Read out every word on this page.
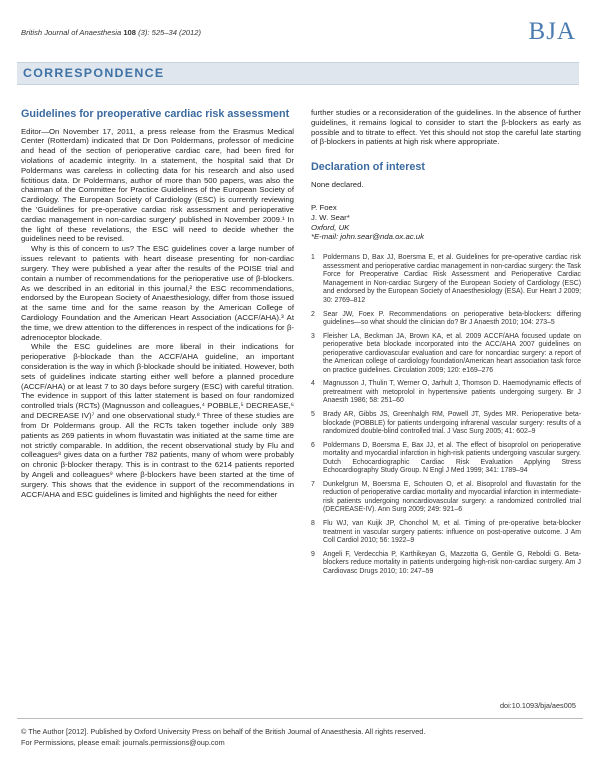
British Journal of Anaesthesia 108 (3): 525–34 (2012)	BJA
CORRESPONDENCE
Guidelines for preoperative cardiac risk assessment

Editor—On November 17, 2011, a press release from the Erasmus Medical Center (Rotterdam) indicated that Dr Don Poldermans, professor of medicine and head of the section of perioperative cardiac care, had been fired for violations of academic integrity. In a statement, the hospital said that Dr Poldermans was careless in collecting data for his research and also used fictitious data. Dr Poldermans, author of more than 500 papers, was also the chairman of the Committee for Practice Guidelines of the European Society of Cardiology. The European Society of Cardiology (ESC) is currently reviewing the 'Guidelines for pre-operative cardiac risk assessment and perioperative cardiac management in non-cardiac surgery' published in November 2009.¹ In the light of these revelations, the ESC will need to decide whether the guidelines need to be revised.

Why is this of concern to us? The ESC guidelines cover a large number of issues relevant to patients with heart disease presenting for non-cardiac surgery. They were published a year after the results of the POISE trial and contain a number of recommendations for the perioperative use of β-blockers. As we described in an editorial in this journal,² the ESC recommendations, endorsed by the European Society of Anaesthesiology, differ from those issued at the same time and for the same reason by the American College of Cardiology Foundation and the American Heart Association (ACCF/AHA).³ At the time, we drew attention to the differences in respect of the indications for β-adrenoceptor blockade.

While the ESC guidelines are more liberal in their indications for perioperative β-blockade than the ACCF/AHA guideline, an important consideration is the way in which β-blockade should be initiated. However, both sets of guidelines indicate starting either well before a planned procedure (ACCF/AHA) or at least 7 to 30 days before surgery (ESC) with careful titration. The evidence in support of this latter statement is based on four randomized controlled trials (RCTs) (Magnusson and colleagues,⁴ POBBLE,⁵ DECREASE,⁶ and DECREASE IV)⁷ and one observational study.⁸ Three of these studies are from Dr Poldermans group. All the RCTs taken together include only 389 patients as 269 patients in whom fluvastatin was initiated at the same time are not strictly comparable. In addition, the recent observational study by Flu and colleagues⁸ gives data on a further 782 patients, many of whom were probably on chronic β-blocker therapy. This is in contrast to the 6214 patients reported by Angeli and colleagues⁹ where β-blockers have been started at the time of surgery. This shows that the evidence in support of the recommendations in ACCF/AHA and ESC guidelines is limited and highlights the need for either

further studies or a reconsideration of the guidelines. In the absence of further guidelines, it remains logical to consider to start the β-blockers as early as possible and to titrate to effect. Yet this should not stop the careful late starting of β-blockers in patients at high risk where appropriate.

Declaration of interest

None declared.

P. Foex
J. W. Sear*
Oxford, UK
*E-mail: john.sear@nda.ox.ac.uk
1 Poldermans D, Bax JJ, Boersma E, et al. Guidelines for pre-operative cardiac risk assessment and perioperative cardiac management in non-cardiac surgery: the Task Force for Preoperative Cardiac Risk Assessment and Perioperative Cardiac Management in Non-cardiac Surgery of the European Society of Cardiology (ESC) and endorsed by the European Society of Anaesthesiology (ESA). Eur Heart J 2009; 30: 2769–812
2 Sear JW, Foex P. Recommendations on perioperative beta-blockers: differing guidelines—so what should the clinician do? Br J Anaesth 2010; 104: 273–5
3 Fleisher LA, Beckman JA, Brown KA, et al. 2009 ACCF/AHA focused update on perioperative beta blockade incorporated into the ACC/AHA 2007 guidelines on perioperative cardiovascular evaluation and care for noncardiac surgery: a report of the American college of cardiology foundation/American heart association task force on practice guidelines. Circulation 2009; 120: e169–276
4 Magnusson J, Thulin T, Werner O, Jarhult J, Thomson D. Haemodynamic effects of pretreatment with metoprolol in hypertensive patients undergoing surgery. Br J Anaesth 1986; 58: 251–60
5 Brady AR, Gibbs JS, Greenhalgh RM, Powell JT, Sydes MR. Perioperative beta-blockade (POBBLE) for patients undergoing infrarenal vascular surgery: results of a randomized double-blind controlled trial. J Vasc Surg 2005; 41: 602–9
6 Poldermans D, Boersma E, Bax JJ, et al. The effect of bisoprolol on perioperative mortality and myocardial infarction in high-risk patients undergoing vascular surgery. Dutch Echocardiographic Cardiac Risk Evaluation Applying Stress Echocardiography Study Group. N Engl J Med 1999; 341: 1789–94
7 Dunkelgrun M, Boersma E, Schouten O, et al. Bisoprolol and fluvastatin for the reduction of perioperative cardiac mortality and myocardial infarction in intermediate-risk patients undergoing noncardiovascular surgery: a randomized controlled trial (DECREASE-IV). Ann Surg 2009; 249: 921–6
8 Flu WJ, van Kuijk JP, Chonchol M, et al. Timing of pre-operative beta-blocker treatment in vascular surgery patients: influence on post-operative outcome. J Am Coll Cardiol 2010; 56: 1922–9
9 Angeli F, Verdecchia P, Karthikeyan G, Mazzotta G, Gentile G, Reboldi G. Beta-blockers reduce mortality in patients undergoing high-risk non-cardiac surgery. Am J Cardiovasc Drugs 2010; 10: 247–59
doi:10.1093/bja/aes005
© The Author [2012]. Published by Oxford University Press on behalf of the British Journal of Anaesthesia. All rights reserved.
For Permissions, please email: journals.permissions@oup.com
